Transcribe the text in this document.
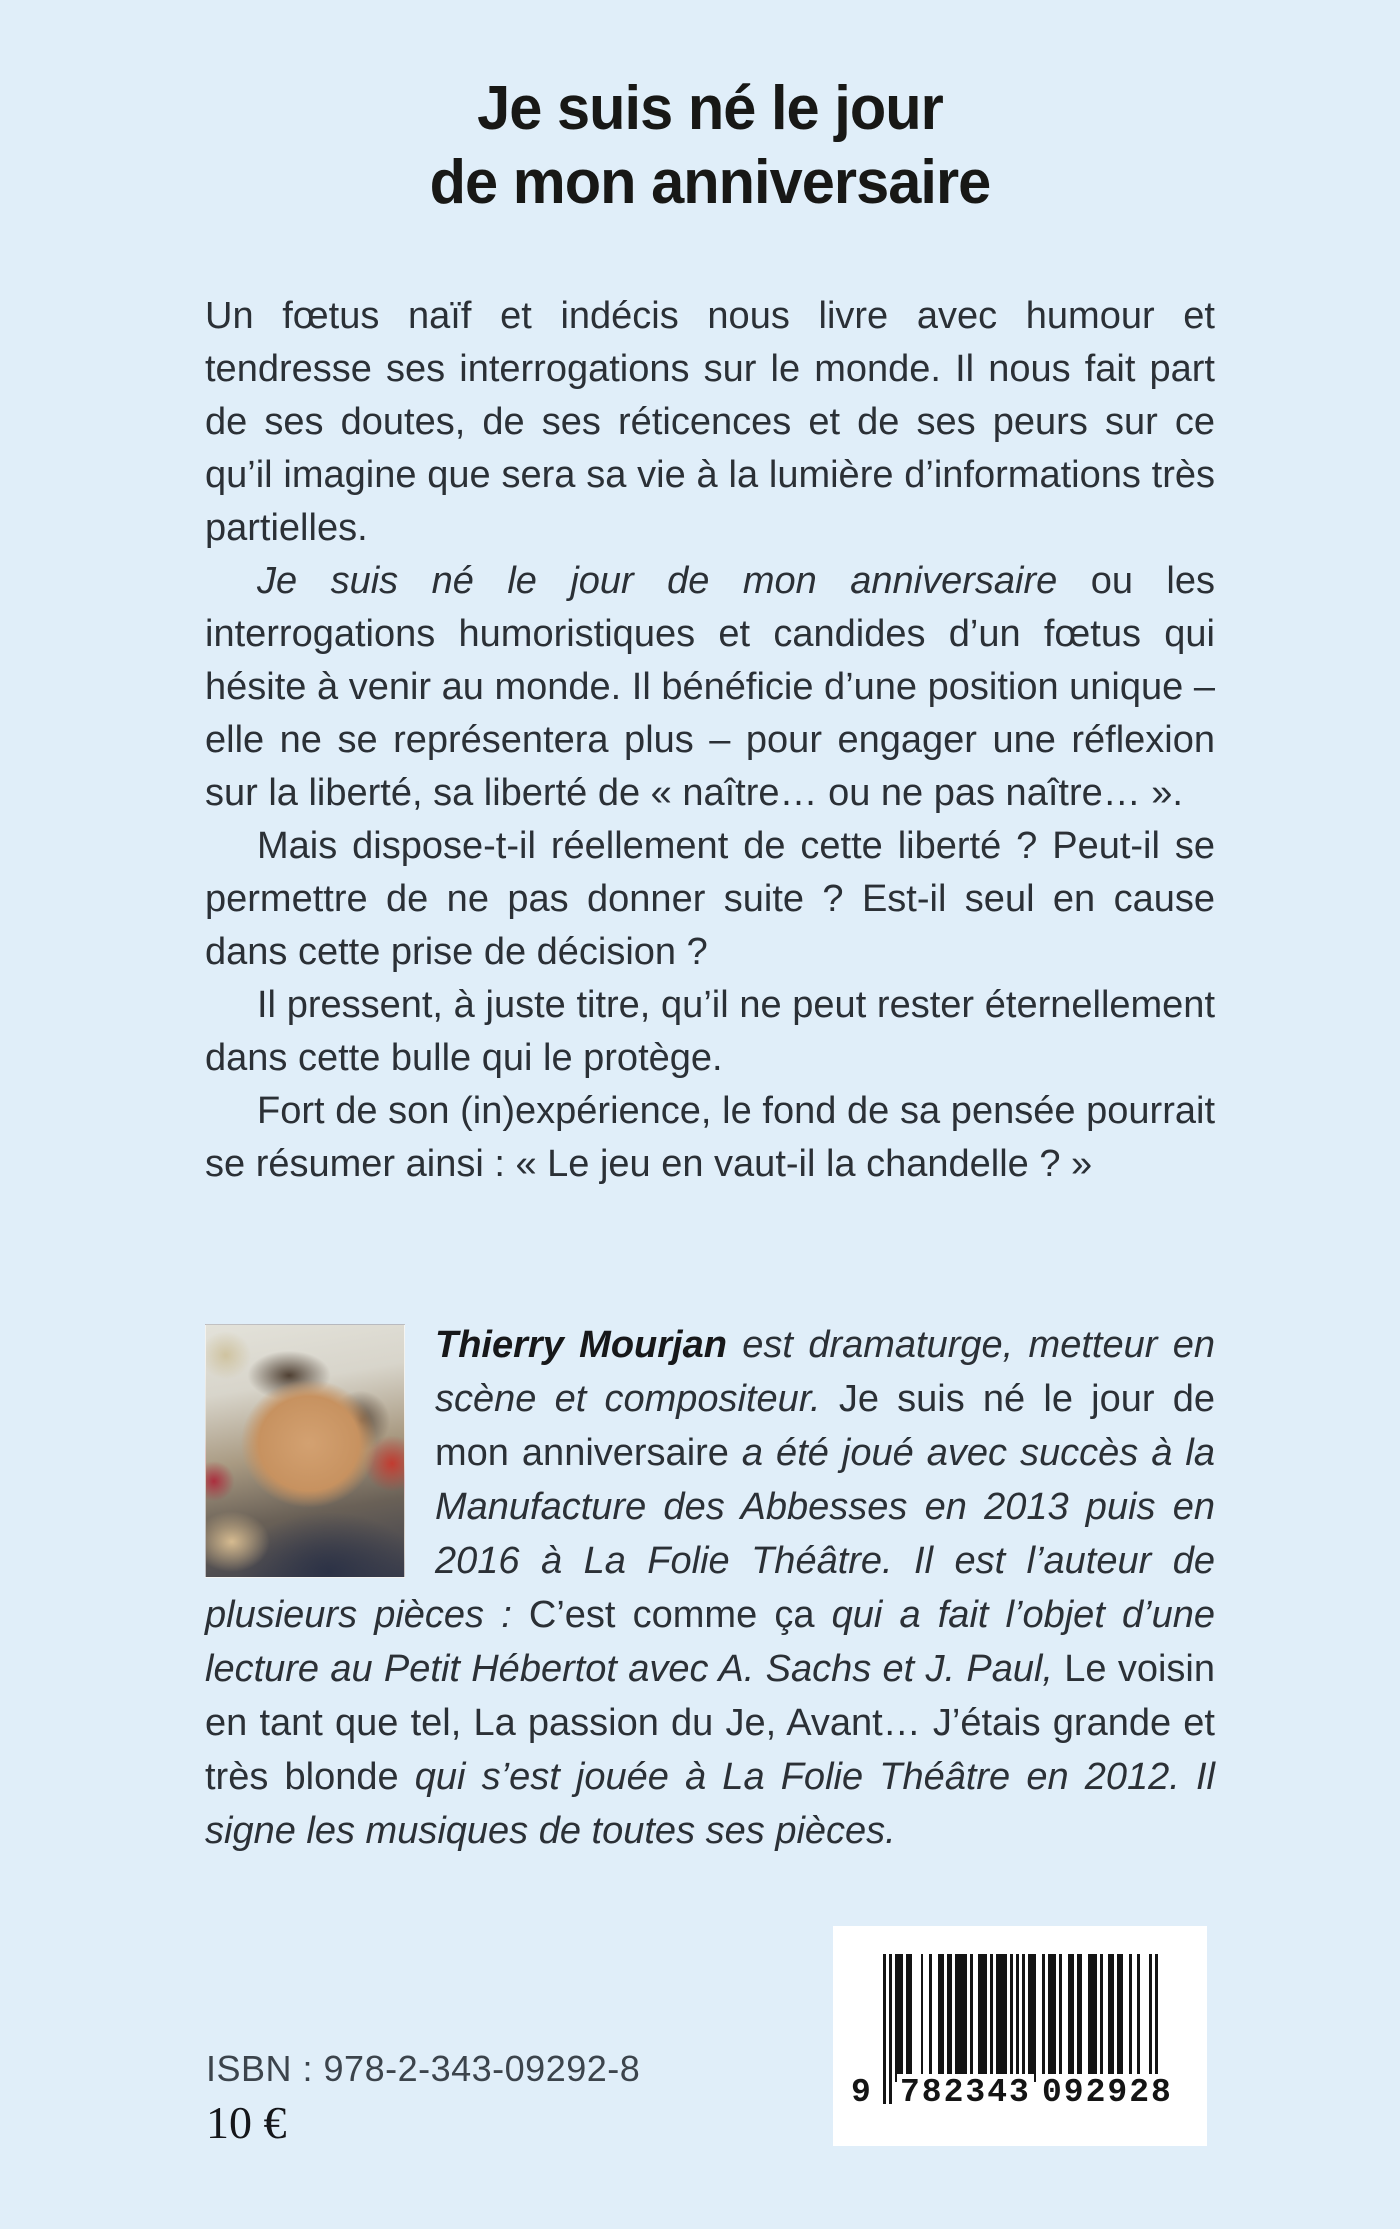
Je suis né le jour
de mon anniversaire

Un fœtus naïf et indécis nous livre avec humour et tendresse ses interrogations sur le monde. Il nous fait part de ses doutes, de ses réticences et de ses peurs sur ce qu’il imagine que sera sa vie à la lumière d’informations très partielles.

Je suis né le jour de mon anniversaire ou les interrogations humoristiques et candides d’un fœtus qui hésite à venir au monde. Il bénéficie d’une position unique – elle ne se représentera plus – pour engager une réflexion sur la liberté, sa liberté de « naître… ou ne pas naître… ».

Mais dispose-t-il réellement de cette liberté ? Peut-il se permettre de ne pas donner suite ? Est-il seul en cause dans cette prise de décision ?

Il pressent, à juste titre, qu’il ne peut rester éternellement dans cette bulle qui le protège.

Fort de son (in)expérience, le fond de sa pensée pourrait se résumer ainsi : « Le jeu en vaut-il la chandelle ? »

Thierry Mourjan est dramaturge, metteur en scène et compositeur. Je suis né le jour de mon anniversaire a été joué avec succès à la Manufacture des Abbesses en 2013 puis en 2016 à La Folie Théâtre. Il est l’auteur de plusieurs pièces : C’est comme ça qui a fait l’objet d’une lecture au Petit Hébertot avec A. Sachs et J. Paul, Le voisin en tant que tel, La passion du Je, Avant… J’étais grande et très blonde qui s’est jouée à La Folie Théâtre en 2012. Il signe les musiques de toutes ses pièces.
9 782343 092928
ISBN : 978-2-343-09292-8
10 €
